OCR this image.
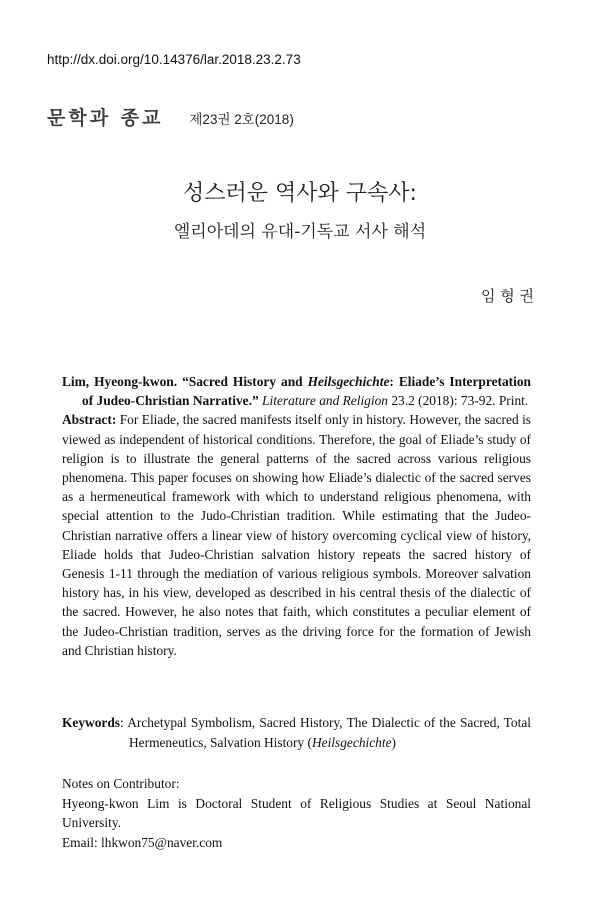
http://dx.doi.org/10.14376/lar.2018.23.2.73
문학과 종교 제23권 2호(2018)
성스러운 역사와 구속사:
엘리아데의 유대-기독교 서사 해석
임 형 권
Lim, Hyeong-kwon. “Sacred History and Heilsgechichte: Eliade’s Interpretation of Judeo-Christian Narrative.” Literature and Religion 23.2 (2018): 73-92. Print.

Abstract: For Eliade, the sacred manifests itself only in history. However, the sacred is viewed as independent of historical conditions. Therefore, the goal of Eliade’s study of religion is to illustrate the general patterns of the sacred across various religious phenomena. This paper focuses on showing how Eliade’s dialectic of the sacred serves as a hermeneutical framework with which to understand religious phenomena, with special attention to the Judo-Christian tradition. While estimating that the Judeo-Christian narrative offers a linear view of history overcoming cyclical view of history, Eliade holds that Judeo-Christian salvation history repeats the sacred history of Genesis 1-11 through the mediation of various religious symbols. Moreover salvation history has, in his view, developed as described in his central thesis of the dialectic of the sacred. However, he also notes that faith, which constitutes a peculiar element of the Judeo-Christian tradition, serves as the driving force for the formation of Jewish and Christian history.

Keywords: Archetypal Symbolism, Sacred History, The Dialectic of the Sacred, Total Hermeneutics, Salvation History (Heilsgechichte)
Notes on Contributor:
Hyeong-kwon Lim is Doctoral Student of Religious Studies at Seoul National University.
Email: lhkwon75@naver.com
